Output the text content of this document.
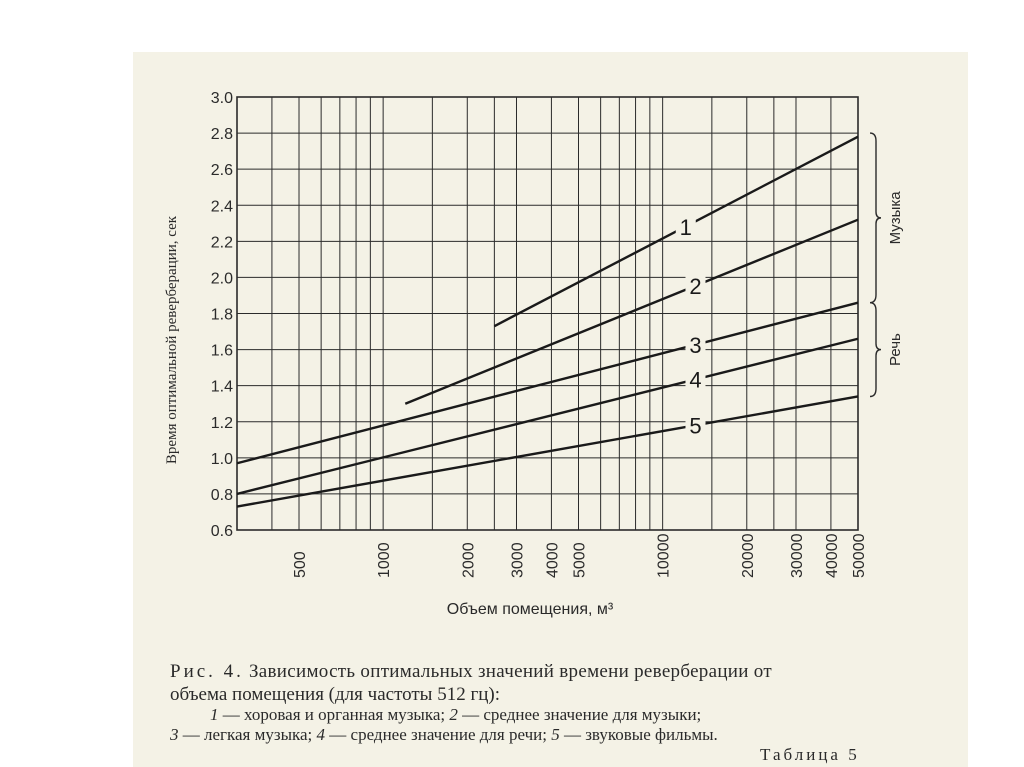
0.6
0.8
1.0
1.2
1.4
1.6
1.8
2.0
2.2
2.4
2.6
2.8
3.0
500	1000	2000 3000 4000 5000	10000	20000 30000 40000 50000
1
2
3
4
5
Музыка
Речь
Время оптимальной реверберации, сек
Объем помещения, м³
Рис. 4. Зависимость оптимальных значений времени реверберации от
объема помещения (для частоты 512 гц):
1 — хоровая и органная музыка; 2 — среднее значение для музыки;
3 — легкая музыка; 4 — среднее значение для речи; 5 — звуковые фильмы.
Таблица 5
